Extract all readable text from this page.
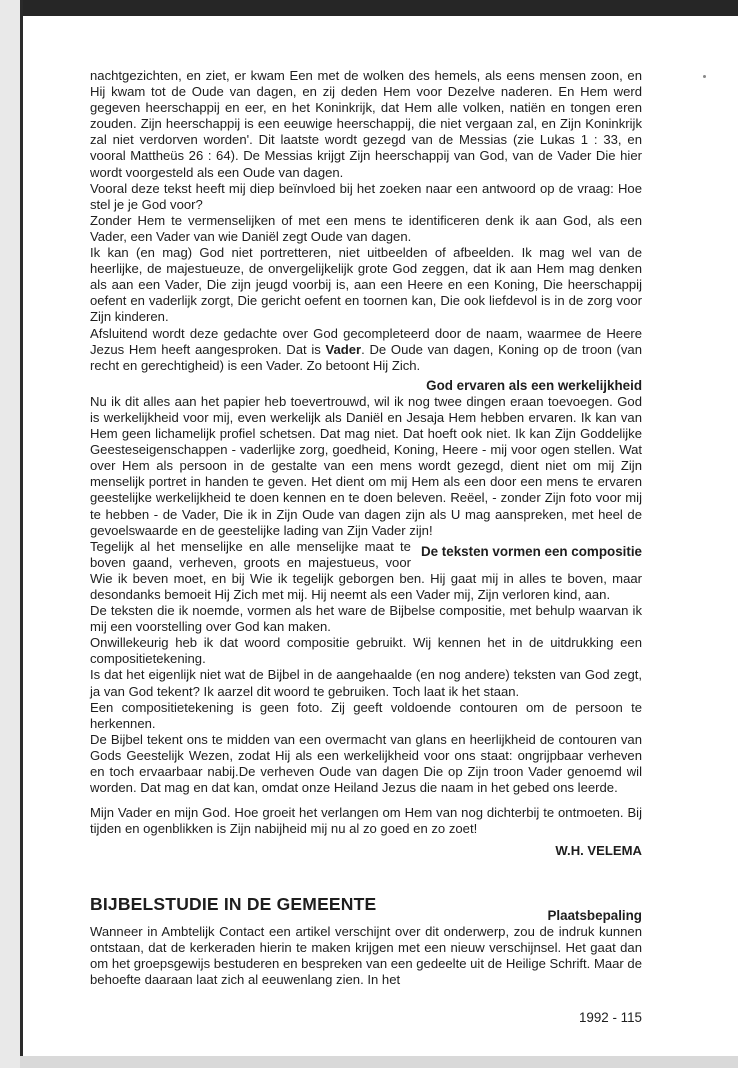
nachtgezichten, en ziet, er kwam Een met de wolken des hemels, als eens mensen zoon, en Hij kwam tot de Oude van dagen, en zij deden Hem voor Dezelve naderen. En Hem werd gegeven heerschappij en eer, en het Koninkrijk, dat Hem alle volken, natiën en tongen eren zouden. Zijn heerschappij is een eeuwige heerschappij, die niet vergaan zal, en Zijn Koninkrijk zal niet verdorven worden'. Dit laatste wordt gezegd van de Messias (zie Lukas 1 : 33, en vooral Mattheüs 26 : 64). De Messias krijgt Zijn heerschappij van God, van de Vader Die hier wordt voorgesteld als een Oude van dagen.

Vooral deze tekst heeft mij diep beïnvloed bij het zoeken naar een antwoord op de vraag: Hoe stel je je God voor?

Zonder Hem te vermenselijken of met een mens te identificeren denk ik aan God, als een Vader, een Vader van wie Daniël zegt Oude van dagen.

Ik kan (en mag) God niet portretteren, niet uitbeelden of afbeelden. Ik mag wel van de heerlijke, de majestueuze, de onvergelijkelijk grote God zeggen, dat ik aan Hem mag denken als aan een Vader, Die zijn jeugd voorbij is, aan een Heere en een Koning, Die heerschappij oefent en vaderlijk zorgt, Die gericht oefent en toornen kan, Die ook liefdevol is in de zorg voor Zijn kinderen.

Afsluitend wordt deze gedachte over God gecompleteerd door de naam, waarmee de Heere Jezus Hem heeft aangesproken. Dat is Vader. De Oude van dagen, Koning op de troon (van recht en gerechtigheid) is een Vader. Zo betoont Hij Zich.

God ervaren als een werkelijkheid

Nu ik dit alles aan het papier heb toevertrouwd, wil ik nog twee dingen eraan toevoegen. God is werkelijkheid voor mij, even werkelijk als Daniël en Jesaja Hem hebben ervaren. Ik kan van Hem geen lichamelijk profiel schetsen. Dat mag niet. Dat hoeft ook niet. Ik kan Zijn Goddelijke Geesteseigenschappen - vaderlijke zorg, goedheid, Koning, Heere - mij voor ogen stellen. Wat over Hem als persoon in de gestalte van een mens wordt gezegd, dient niet om mij Zijn menselijk portret in handen te geven. Het dient om mij Hem als een door een mens te ervaren geestelijke werkelijkheid te doen kennen en te doen beleven. Reëel, - zonder Zijn foto voor mij te hebben - de Vader, Die ik in Zijn Oude van dagen zijn als U mag aanspreken, met heel de gevoelswaarde en de geestelijke lading van Zijn Vader zijn!

De teksten vormen een compositie
Tegelijk al het menselijke en alle menselijke maat te boven gaand, verheven, groots en majestueus, voor Wie ik beven moet, en bij Wie ik tegelijk geborgen ben. Hij gaat mij in alles te boven, maar desondanks bemoeit Hij Zich met mij. Hij neemt als een Vader mij, Zijn verloren kind, aan.

De teksten die ik noemde, vormen als het ware de Bijbelse compositie, met behulp waarvan ik mij een voorstelling over God kan maken.

Onwillekeurig heb ik dat woord compositie gebruikt. Wij kennen het in de uitdrukking een compositietekening.

Is dat het eigenlijk niet wat de Bijbel in de aangehaalde (en nog andere) teksten van God zegt, ja van God tekent? Ik aarzel dit woord te gebruiken. Toch laat ik het staan.

Een compositietekening is geen foto. Zij geeft voldoende contouren om de persoon te herkennen.

De Bijbel tekent ons te midden van een overmacht van glans en heerlijkheid de contouren van Gods Geestelijk Wezen, zodat Hij als een werkelijkheid voor ons staat: ongrijpbaar verheven en toch ervaarbaar nabij.De verheven Oude van dagen Die op Zijn troon Vader genoemd wil worden. Dat mag en dat kan, omdat onze Heiland Jezus die naam in het gebed ons leerde.

Mijn Vader en mijn God. Hoe groeit het verlangen om Hem van nog dichterbij te ontmoeten. Bij tijden en ogenblikken is Zijn nabijheid mij nu al zo goed en zo zoet!

W.H. VELEMA
BIJBELSTUDIE IN DE GEMEENTE
Plaatsbepaling

Wanneer in Ambtelijk Contact een artikel verschijnt over dit onderwerp, zou de indruk kunnen ontstaan, dat de kerkeraden hierin te maken krijgen met een nieuw verschijnsel. Het gaat dan om het groepsgewijs bestuderen en bespreken van een gedeelte uit de Heilige Schrift. Maar de behoefte daaraan laat zich al eeuwenlang zien. In het

1992 - 115
